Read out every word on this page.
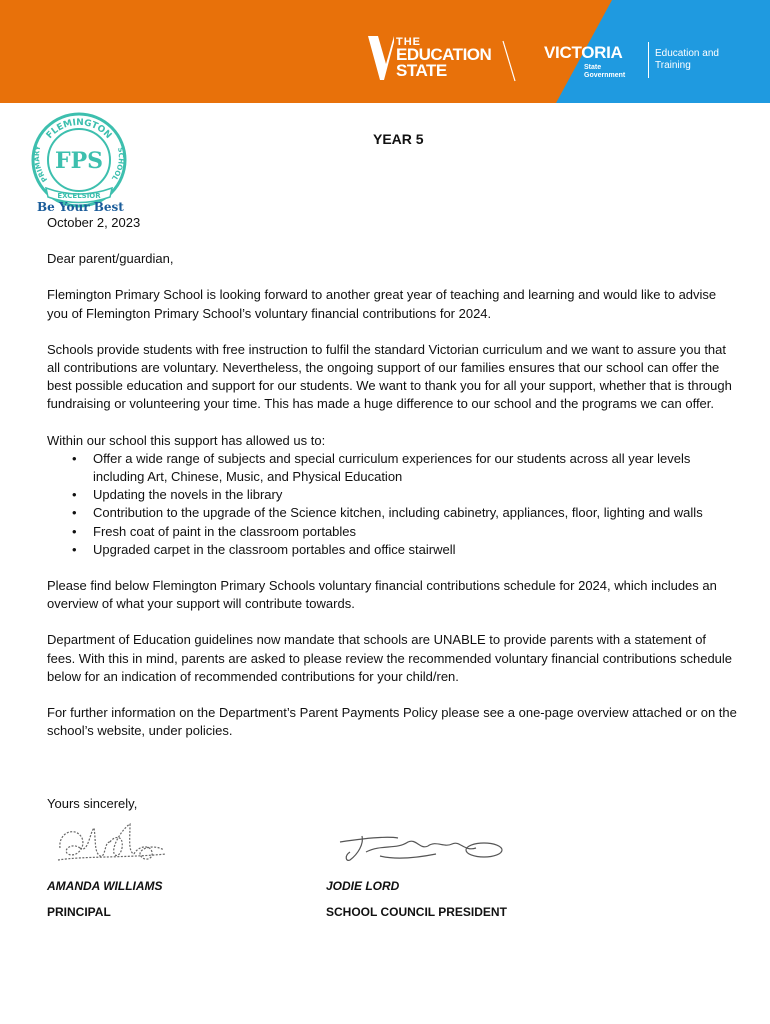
THE
EDUCATION
STATE
VICTORIA
State Government
Education and Training
FLEMINGTON
PRIMARY	SCHOOL
FPS
EXCELSIOR
Be Your Best
YEAR 5

October 2, 2023

Dear parent/guardian,

Flemington Primary School is looking forward to another great year of teaching and learning and would like to advise you of Flemington Primary School’s voluntary financial contributions for 2024.

Schools provide students with free instruction to fulfil the standard Victorian curriculum and we want to assure you that all contributions are voluntary. Nevertheless, the ongoing support of our families ensures that our school can offer the best possible education and support for our students. We want to thank you for all your support, whether that is through fundraising or volunteering your time. This has made a huge difference to our school and the programs we can offer.

Within our school this support has allowed us to:

• Offer a wide range of subjects and special curriculum experiences for our students across all year levels including Art, Chinese, Music, and Physical Education
• Updating the novels in the library
• Contribution to the upgrade of the Science kitchen, including cabinetry, appliances, floor, lighting and walls
• Fresh coat of paint in the classroom portables
• Upgraded carpet in the classroom portables and office stairwell

Please find below Flemington Primary Schools voluntary financial contributions schedule for 2024, which includes an overview of what your support will contribute towards.

Department of Education guidelines now mandate that schools are UNABLE to provide parents with a statement of fees. With this in mind, parents are asked to please review the recommended voluntary financial contributions schedule below for an indication of recommended contributions for your child/ren.

For further information on the Department’s Parent Payments Policy please see a one-page overview attached or on the school’s website, under policies.

Yours sincerely,
AMANDA WILLIAMS	JODIE LORD
PRINCIPAL	SCHOOL COUNCIL PRESIDENT
